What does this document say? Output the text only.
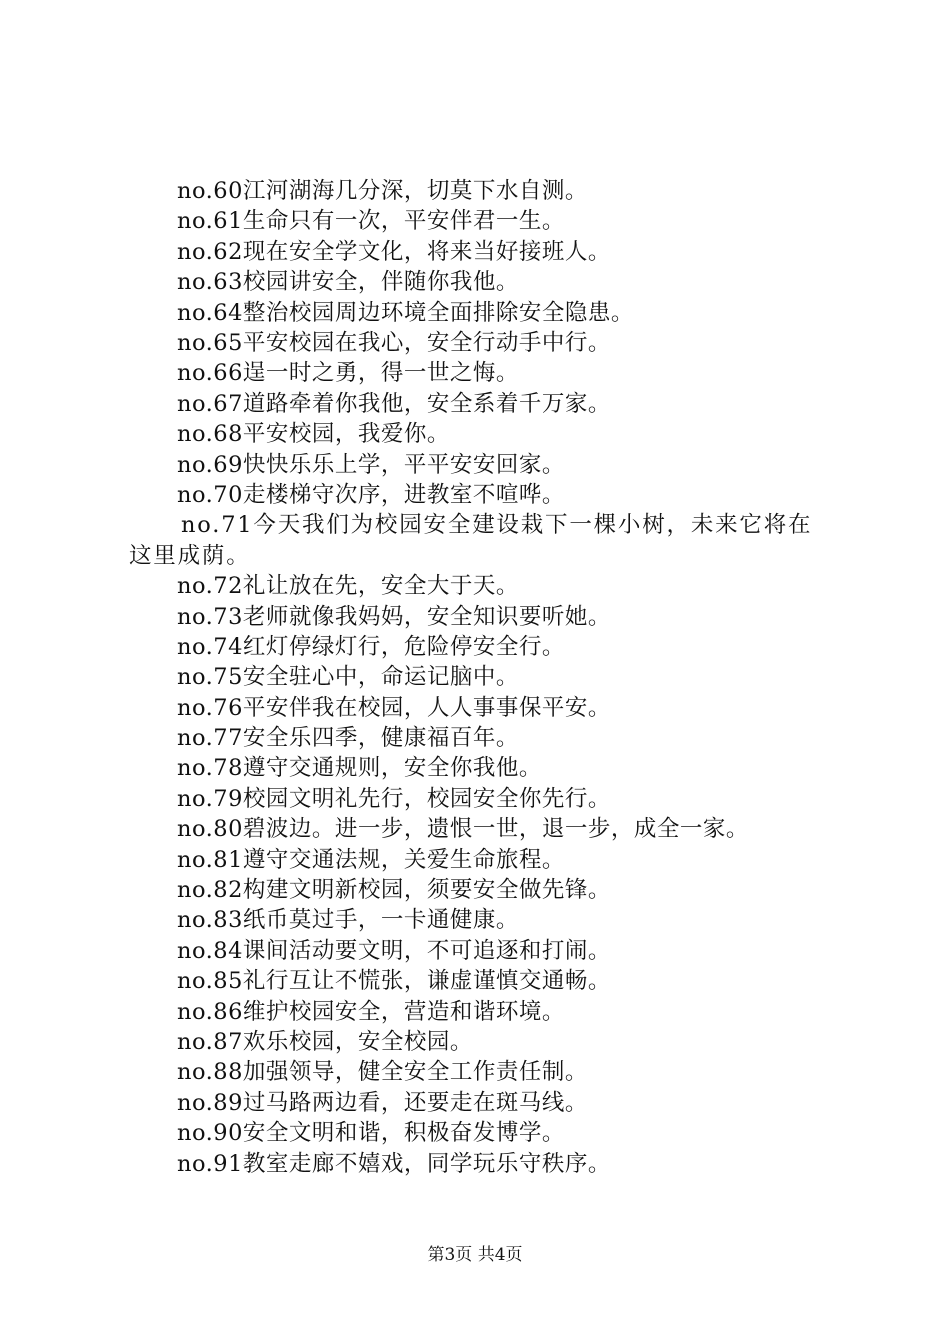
no.60江河湖海几分深，切莫下水自测。
no.61生命只有一次，平安伴君一生。
no.62现在安全学文化，将来当好接班人。
no.63校园讲安全，伴随你我他。
no.64整治校园周边环境全面排除安全隐患。
no.65平安校园在我心，安全行动手中行。
no.66逞一时之勇，得一世之悔。
no.67道路牵着你我他，安全系着千万家。
no.68平安校园，我爱你。
no.69快快乐乐上学，平平安安回家。
no.70走楼梯守次序，进教室不喧哗。
no.71今天我们为校园安全建设栽下一棵小树，未来它将在这里成荫。
no.72礼让放在先，安全大于天。
no.73老师就像我妈妈，安全知识要听她。
no.74红灯停绿灯行，危险停安全行。
no.75安全驻心中，命运记脑中。
no.76平安伴我在校园，人人事事保平安。
no.77安全乐四季，健康福百年。
no.78遵守交通规则，安全你我他。
no.79校园文明礼先行，校园安全你先行。
no.80碧波边。进一步，遗恨一世，退一步，成全一家。
no.81遵守交通法规，关爱生命旅程。
no.82构建文明新校园，须要安全做先锋。
no.83纸币莫过手，一卡通健康。
no.84课间活动要文明，不可追逐和打闹。
no.85礼行互让不慌张，谦虚谨慎交通畅。
no.86维护校园安全，营造和谐环境。
no.87欢乐校园，安全校园。
no.88加强领导，健全安全工作责任制。
no.89过马路两边看，还要走在斑马线。
no.90安全文明和谐，积极奋发博学。
no.91教室走廊不嬉戏，同学玩乐守秩序。
第3页 共4页
